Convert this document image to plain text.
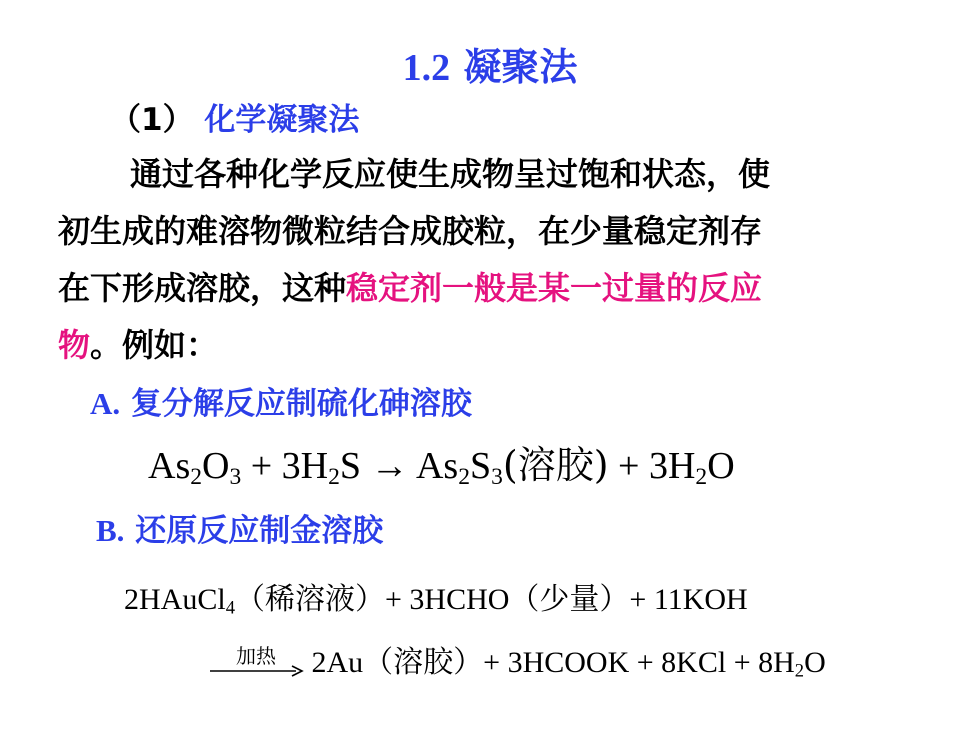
1.2 凝聚法
（1） 化学凝聚法
通过各种化学反应使生成物呈过饱和状态，使
初生成的难溶物微粒结合成胶粒，在少量稳定剂存
在下形成溶胶，这种稳定剂一般是某一过量的反应
物。例如：
A. 复分解反应制硫化砷溶胶
$As_2O_3 + 3H_2S \to As_2S_3$(溶胶) + $3H_2O$
B. 还原反应制金溶胶
2HAuCl$_4$（稀溶液）+ 3HCHO（少量）+ 11KOH
加热	2Au（溶胶）+ 3HCOOK + $8KCl + 8H_2O$
